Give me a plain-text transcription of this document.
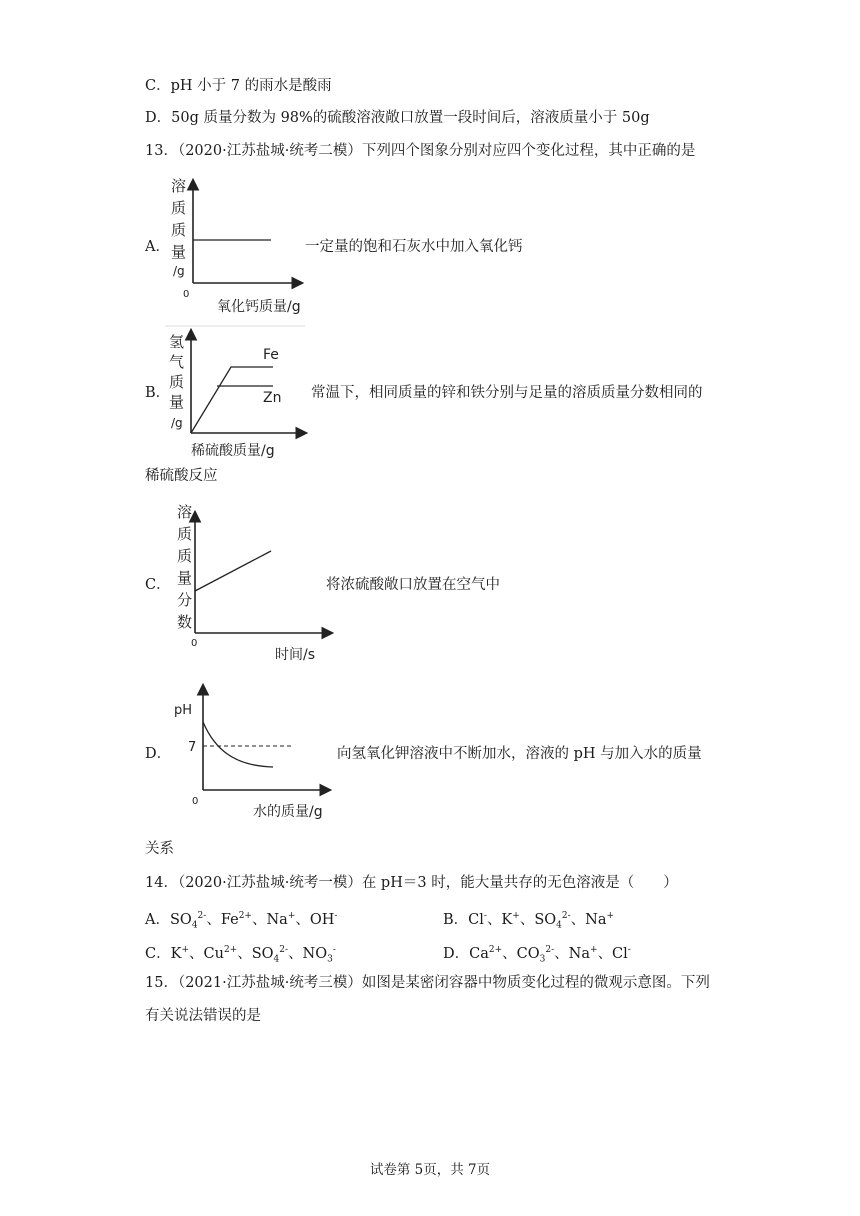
C．pH 小于 7 的雨水是酸雨
D．50g 质量分数为 98%的硫酸溶液敞口放置一段时间后，溶液质量小于 50g
13．（2020·江苏盐城·统考二模）下列四个图象分别对应四个变化过程，其中正确的是
A．
溶
质
质
量
/g
0
氧化钙质量/g
一定量的饱和石灰水中加入氧化钙
B．
Fe
Zn
氢
气
质
量
/g
稀硫酸质量/g
常温下，相同质量的锌和铁分别与足量的溶质质量分数相同的
稀硫酸反应
C．
溶
质
质
量
分
数
0
时间/s
将浓硫酸敞口放置在空气中
D．
pH
7
0
水的质量/g
向氢氧化钾溶液中不断加水，溶液的 pH 与加入水的质量
关系
14．（2020·江苏盐城·统考一模）在 pH＝3 时，能大量共存的无色溶液是（　　）
A．$SO_4^{2-}$、$Fe^{2+}$、Na+、OH-	B．Cl-、K+、$SO_4^{2-}$、Na+
C．K+、$Cu^{2+}$、$SO_4^{2-}$、$NO_3^-$	D．$Ca^{2+}$、$CO_3^{2-}$、Na+、Cl-
15．（2021·江苏盐城·统考三模）如图是某密闭容器中物质变化过程的微观示意图。下列
有关说法错误的是
试卷第 5页，共 7页
